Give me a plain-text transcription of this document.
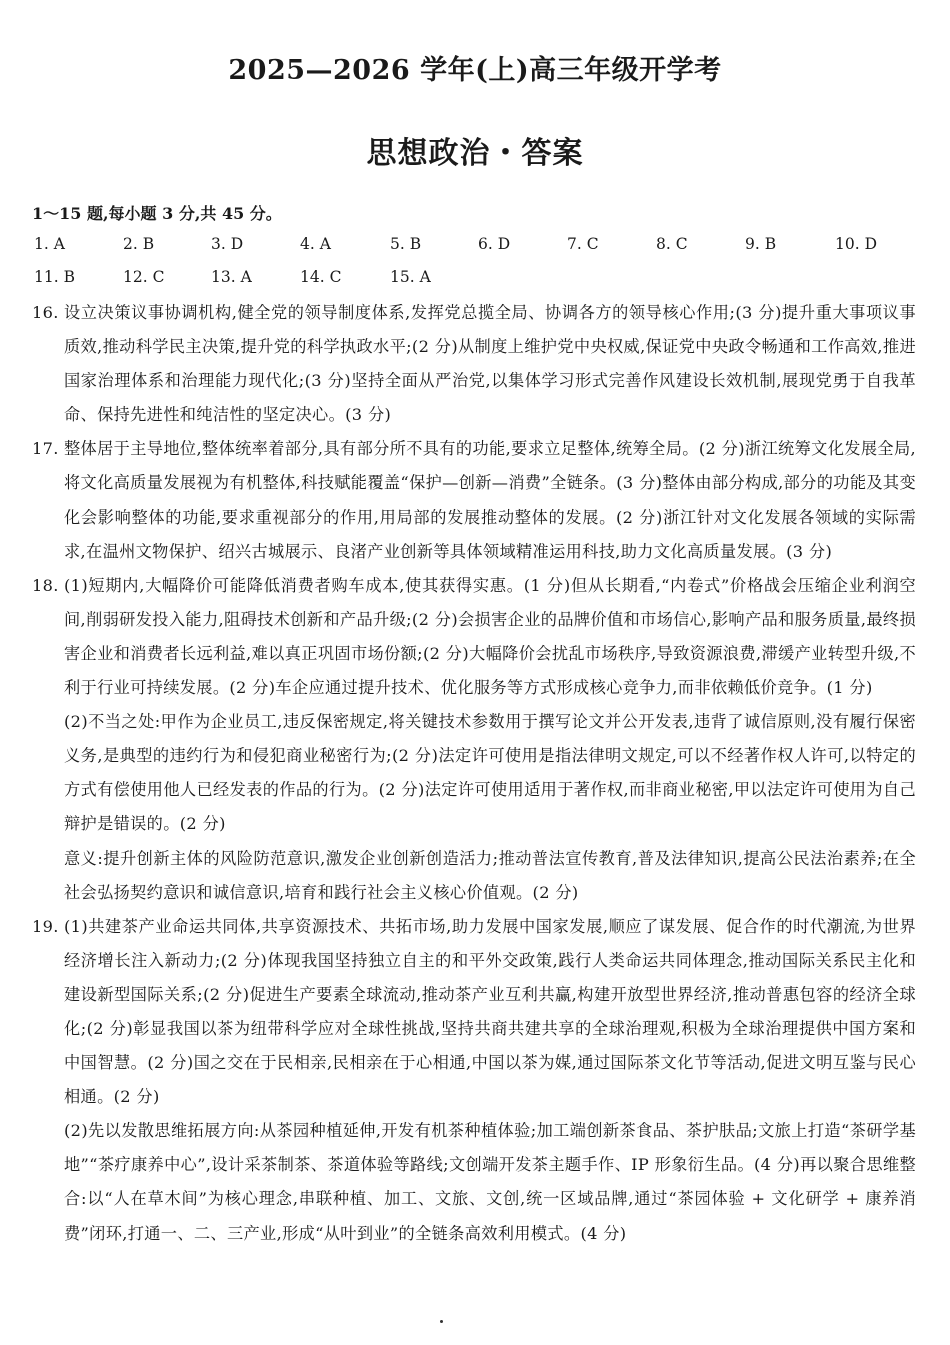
2025—2026 学年(上)高三年级开学考
思想政治・答案
1～15 题,每小题 3 分,共 45 分。
1. A	2. B	3. D	4. A	5. B	6. D	7. C	8. C	9. B	10. D
11. B	12. C	13. A	14. C	15. A
16. 设立决策议事协调机构,健全党的领导制度体系,发挥党总揽全局、协调各方的领导核心作用;(3 分)提升重大事项议事质效,推动科学民主决策,提升党的科学执政水平;(2 分)从制度上维护党中央权威,保证党中央政令畅通和工作高效,推进国家治理体系和治理能力现代化;(3 分)坚持全面从严治党,以集体学习形式完善作风建设长效机制,展现党勇于自我革命、保持先进性和纯洁性的坚定决心。(3 分)

17. 整体居于主导地位,整体统率着部分,具有部分所不具有的功能,要求立足整体,统筹全局。(2 分)浙江统筹文化发展全局,将文化高质量发展视为有机整体,科技赋能覆盖“保护—创新—消费”全链条。(3 分)整体由部分构成,部分的功能及其变化会影响整体的功能,要求重视部分的作用,用局部的发展推动整体的发展。(2 分)浙江针对文化发展各领域的实际需求,在温州文物保护、绍兴古城展示、良渚产业创新等具体领域精准运用科技,助力文化高质量发展。(3 分)

18. (1)短期内,大幅降价可能降低消费者购车成本,使其获得实惠。(1 分)但从长期看,“内卷式”价格战会压缩企业利润空间,削弱研发投入能力,阻碍技术创新和产品升级;(2 分)会损害企业的品牌价值和市场信心,影响产品和服务质量,最终损害企业和消费者长远利益,难以真正巩固市场份额;(2 分)大幅降价会扰乱市场秩序,导致资源浪费,滞缓产业转型升级,不利于行业可持续发展。(2 分)车企应通过提升技术、优化服务等方式形成核心竞争力,而非依赖低价竞争。(1 分)

(2)不当之处:甲作为企业员工,违反保密规定,将关键技术参数用于撰写论文并公开发表,违背了诚信原则,没有履行保密义务,是典型的违约行为和侵犯商业秘密行为;(2 分)法定许可使用是指法律明文规定,可以不经著作权人许可,以特定的方式有偿使用他人已经发表的作品的行为。(2 分)法定许可使用适用于著作权,而非商业秘密,甲以法定许可使用为自己辩护是错误的。(2 分)

意义:提升创新主体的风险防范意识,激发企业创新创造活力;推动普法宣传教育,普及法律知识,提高公民法治素养;在全社会弘扬契约意识和诚信意识,培育和践行社会主义核心价值观。(2 分)

19. (1)共建茶产业命运共同体,共享资源技术、共拓市场,助力发展中国家发展,顺应了谋发展、促合作的时代潮流,为世界经济增长注入新动力;(2 分)体现我国坚持独立自主的和平外交政策,践行人类命运共同体理念,推动国际关系民主化和建设新型国际关系;(2 分)促进生产要素全球流动,推动茶产业互利共赢,构建开放型世界经济,推动普惠包容的经济全球化;(2 分)彰显我国以茶为纽带科学应对全球性挑战,坚持共商共建共享的全球治理观,积极为全球治理提供中国方案和中国智慧。(2 分)国之交在于民相亲,民相亲在于心相通,中国以茶为媒,通过国际茶文化节等活动,促进文明互鉴与民心相通。(2 分)

(2)先以发散思维拓展方向:从茶园种植延伸,开发有机茶种植体验;加工端创新茶食品、茶护肤品;文旅上打造“茶研学基地”“茶疗康养中心”,设计采茶制茶、茶道体验等路线;文创端开发茶主题手作、IP 形象衍生品。(4 分)再以聚合思维整合:以“人在草木间”为核心理念,串联种植、加工、文旅、文创,统一区域品牌,通过“茶园体验 + 文化研学 + 康养消费”闭环,打通一、二、三产业,形成“从叶到业”的全链条高效利用模式。(4 分)
